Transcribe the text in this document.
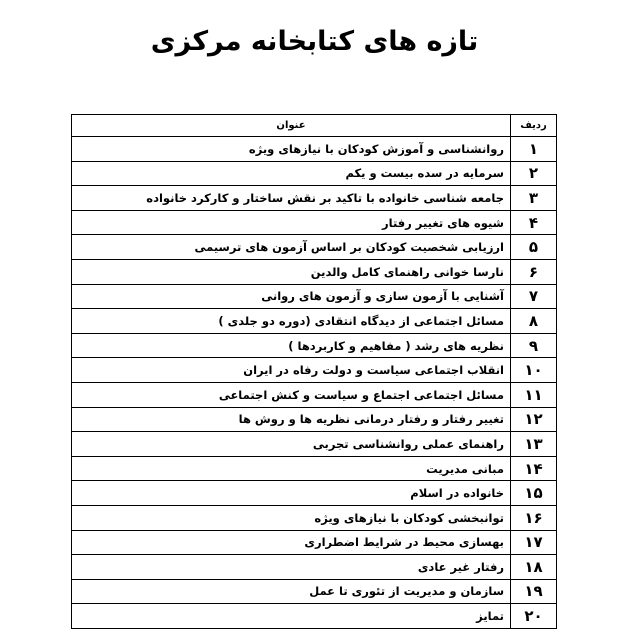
تازه های کتابخانه مرکزی
ردیف	عنوان
۱	روانشناسی و آموزش کودکان با نیازهای ویژه
۲	سرمایه در سده بیست و یکم
۳	جامعه شناسی خانواده با تاکید بر نقش ساختار و کارکرد خانواده
۴	شیوه های تغییر رفتار
۵	ارزیابی شخصیت کودکان بر اساس آزمون های ترسیمی
۶	نارسا خوانی راهنمای کامل والدین
۷	آشنایی با آزمون سازی و آزمون های روانی
۸	مسائل اجتماعی از دیدگاه انتقادی (دوره دو جلدی )
۹	نظریه های رشد ( مفاهیم و کاربردها )
۱۰	انقلاب اجتماعی سیاست و دولت رفاه در ایران
۱۱	مسائل اجتماعی اجتماع و سیاست و کنش اجتماعی
۱۲	تغییر رفتار و رفتار درمانی نظریه ها و روش ها
۱۳	راهنمای عملی روانشناسی تجربی
۱۴	مبانی مدیریت
۱۵	خانواده در اسلام
۱۶	توانبخشی کودکان با نیازهای ویژه
۱۷	بهسازی محیط در شرایط اضطراری
۱۸	رفتار غیر عادی
۱۹	سازمان و مدیریت از تئوری تا عمل
۲۰	تمایز
